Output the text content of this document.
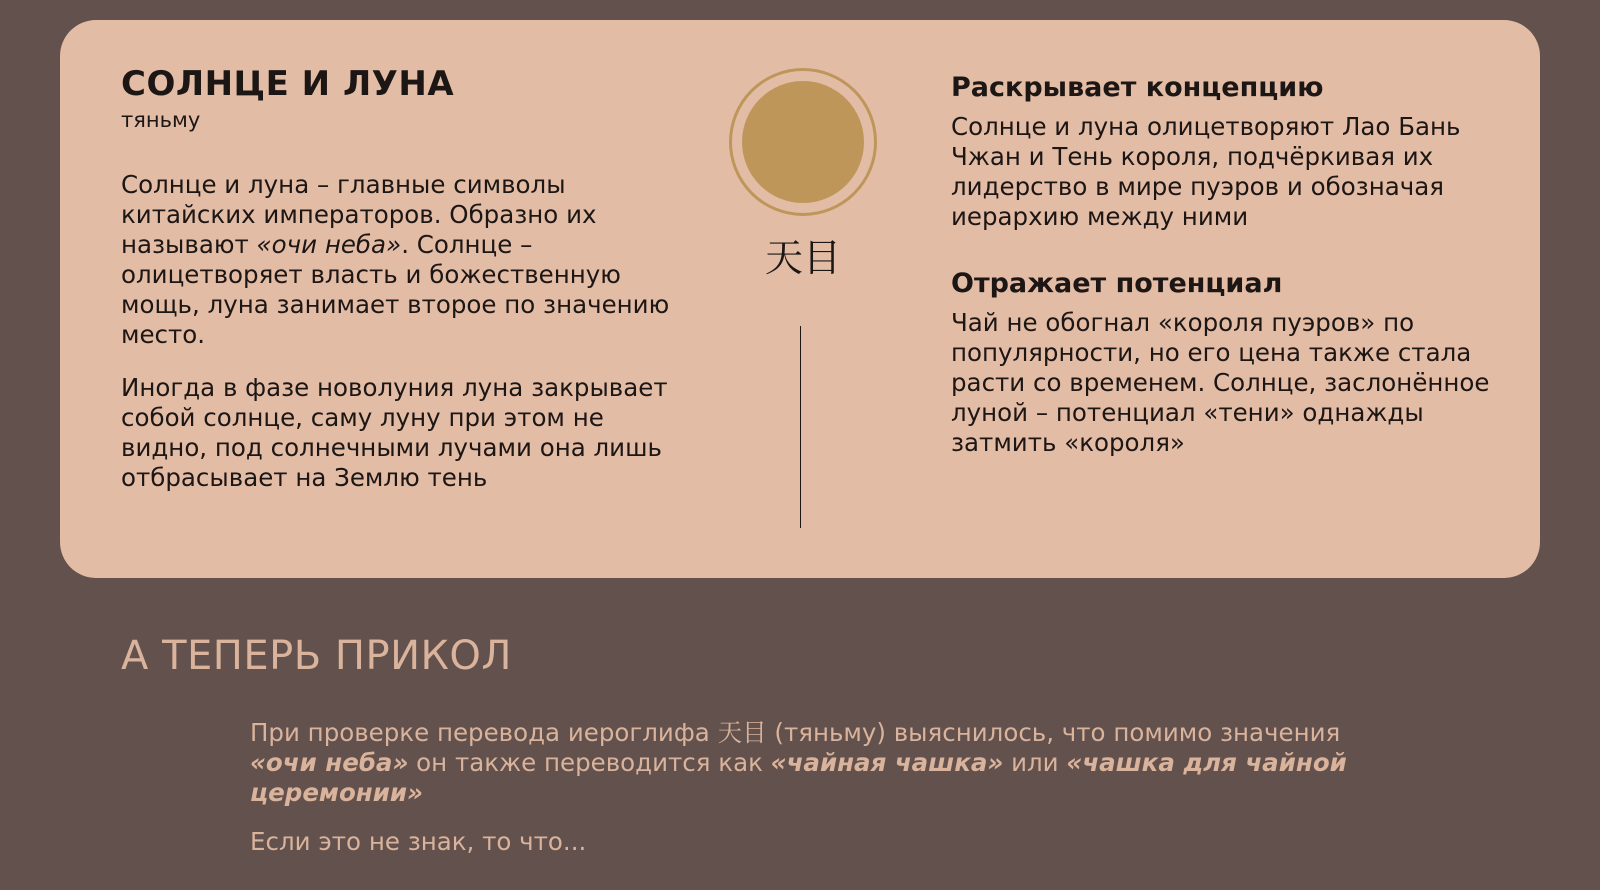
СОЛНЦЕ И ЛУНА
тяньму
Солнце и луна – главные символы китайских императоров. Образно их называют «очи неба». Солнце – олицетворяет власть и божественную мощь, луна занимает второе по значению место.
Иногда в фазе новолуния луна закрывает собой солнце, саму луну при этом не видно, под солнечными лучами она лишь отбрасывает на Землю тень
天目
Раскрывает концепцию
Солнце и луна олицетворяют Лао Бань Чжан и Тень короля, подчёркивая их лидерство в мире пуэров и обозначая иерархию между ними
Отражает потенциал
Чай не обогнал «короля пуэров» по популярности, но его цена также стала расти со временем. Солнце, заслонённое луной – потенциал «тени» однажды затмить «короля»
А ТЕПЕРЬ ПРИКОЛ
При проверке перевода иероглифа 天目 (тяньму) выяснилось, что помимо значения «очи неба» он также переводится как «чайная чашка» или «чашка для чайной церемонии»
Если это не знак, то что...
